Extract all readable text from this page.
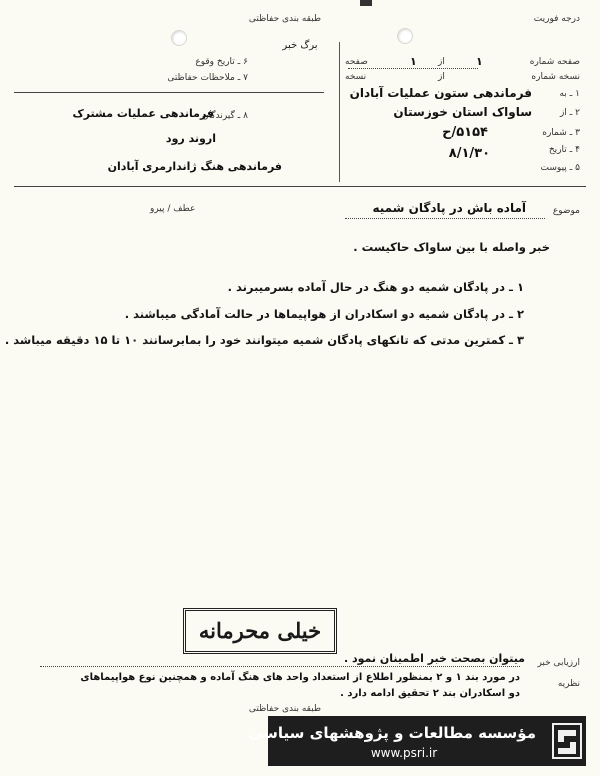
طبقه بندی حفاظتی	درجه فوریت
برگ خبر
صفحه شماره
۱
از
۱
صفحه
نسخه شماره
از
نسخه
۱ ـ به
فرماندهی ستون عملیات آبادان
۲ ـ از
ساواک استان خوزستان
۳ ـ شماره
۵۱۵۴/ح
۴ ـ تاریخ
۸/۱/۳۰
۵ ـ پیوست
۶ ـ تاریخ وقوع
۷ ـ ملاحظات حفاظتی
۸ ـ گیرندگان
فرماندهی عملیات مشترک
اروند رود
فرماندهی هنگ ژاندارمری آبادان
موضوع
آماده باش در پادگان شمیه
عطف / پیرو
خبر واصله با بین ساواک حاکیست .
۱ ـ در پادگان شمیه دو هنگ در حال آماده بسرمیبرند .
۲ ـ در پادگان شمیه دو اسکادران از هواپیماها در حالت آمادگی میباشند .
۳ ـ کمترین مدتی که تانکهای پادگان شمیه میتوانند خود را بمابرسانند ۱۰ تا ۱۵ دقیقه میباشد .
خیلی محرمانه
ارزیابی خبر
میتوان بصحت خبر اطمینان نمود .
نظریه
در مورد بند ۱ و ۲ بمنظور اطلاع از استعداد واحد های هنگ آماده و همچنین نوع هواپیماهای
دو اسکادران بند ۲ تحقیق ادامه دارد .
طبقه بندی حفاظتی
مؤسسه مطالعات و پژوهشهای سیاسی
www.psri.ir
